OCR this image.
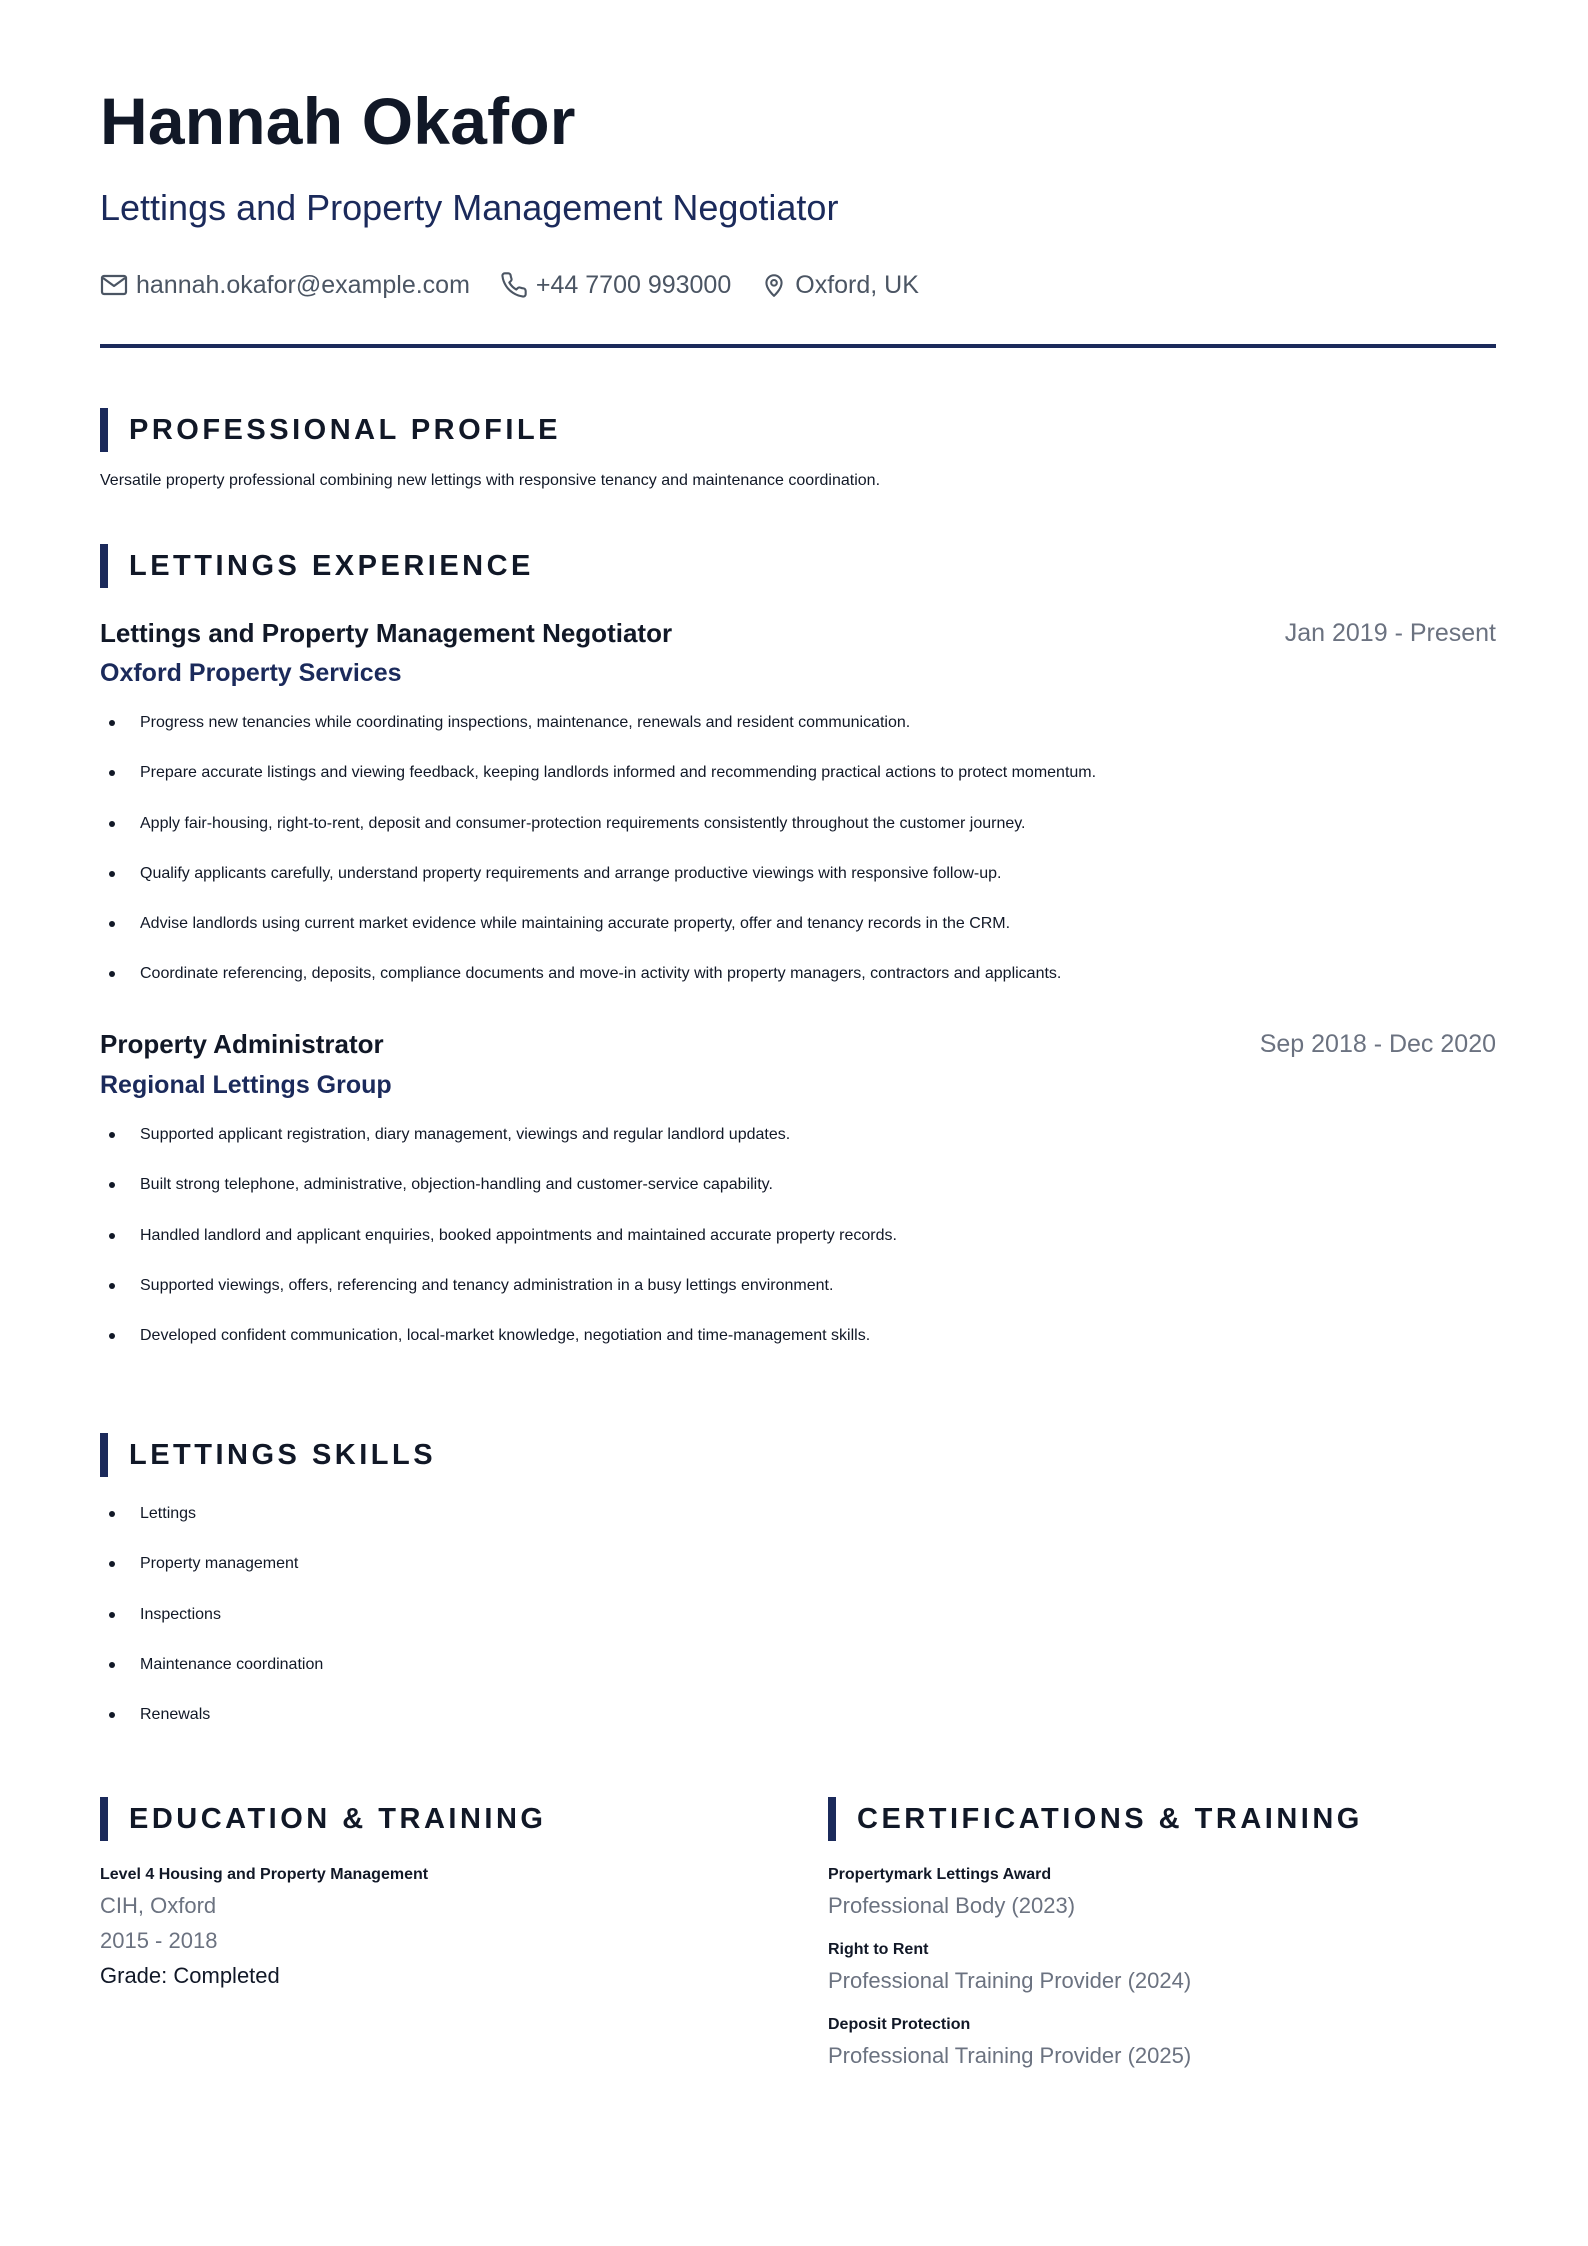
Hannah Okafor
Lettings and Property Management Negotiator
hannah.okafor@example.com	+44 7700 993000	Oxford, UK
PROFESSIONAL PROFILE
Versatile property professional combining new lettings with responsive tenancy and maintenance coordination.
LETTINGS EXPERIENCE
Lettings and Property Management Negotiator	Jan 2019 - Present
Oxford Property Services
Progress new tenancies while coordinating inspections, maintenance, renewals and resident communication.
Prepare accurate listings and viewing feedback, keeping landlords informed and recommending practical actions to protect momentum.
Apply fair-housing, right-to-rent, deposit and consumer-protection requirements consistently throughout the customer journey.
Qualify applicants carefully, understand property requirements and arrange productive viewings with responsive follow-up.
Advise landlords using current market evidence while maintaining accurate property, offer and tenancy records in the CRM.
Coordinate referencing, deposits, compliance documents and move-in activity with property managers, contractors and applicants.
Property Administrator	Sep 2018 - Dec 2020
Regional Lettings Group
Supported applicant registration, diary management, viewings and regular landlord updates.
Built strong telephone, administrative, objection-handling and customer-service capability.
Handled landlord and applicant enquiries, booked appointments and maintained accurate property records.
Supported viewings, offers, referencing and tenancy administration in a busy lettings environment.
Developed confident communication, local-market knowledge, negotiation and time-management skills.
LETTINGS SKILLS
Lettings
Property management
Inspections
Maintenance coordination
Renewals
EDUCATION & TRAINING
Level 4 Housing and Property Management
CIH, Oxford
2015 - 2018
Grade: Completed
CERTIFICATIONS & TRAINING
Propertymark Lettings Award
Professional Body (2023)
Right to Rent
Professional Training Provider (2024)
Deposit Protection
Professional Training Provider (2025)
